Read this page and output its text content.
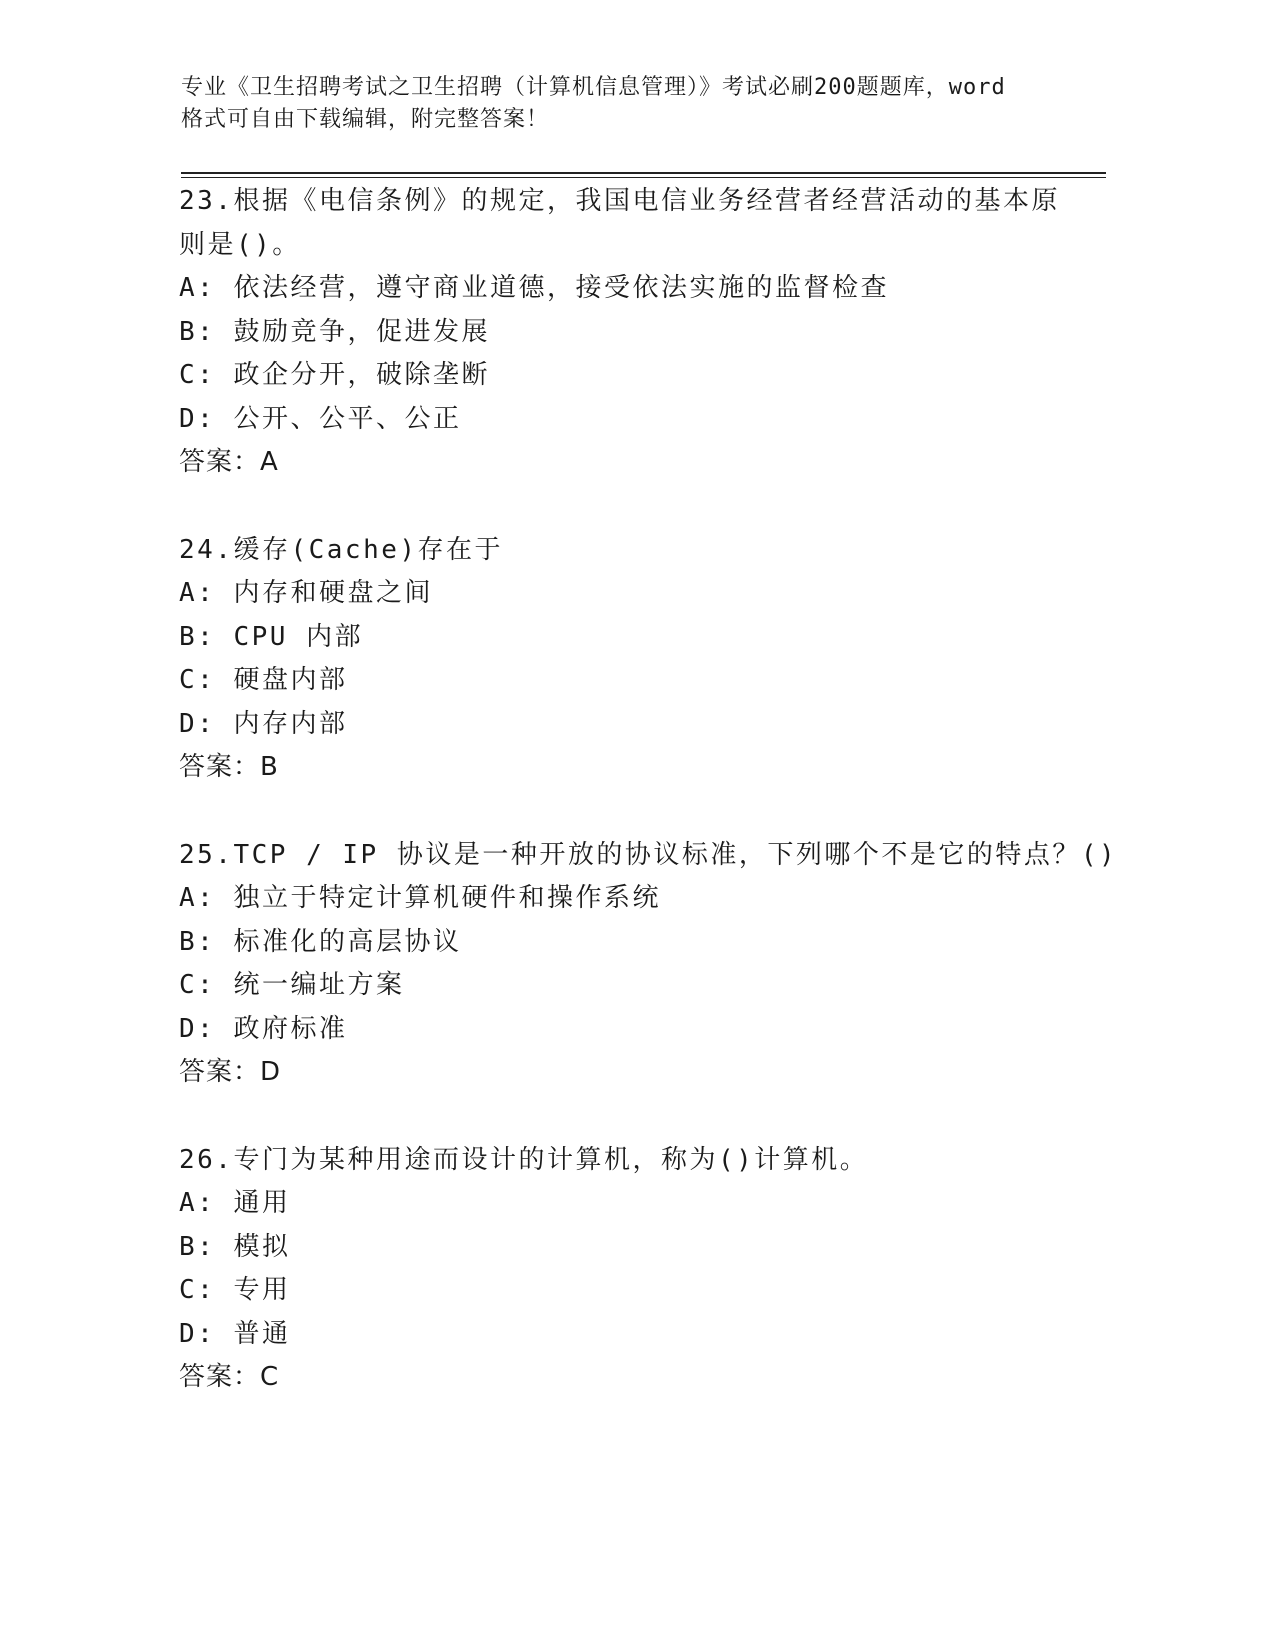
专业《卫生招聘考试之卫生招聘（计算机信息管理）》考试必刷200题题库，word
格式可自由下载编辑，附完整答案！
23.根据《电信条例》的规定，我国电信业务经营者经营活动的基本原
则是()。
A: 依法经营，遵守商业道德，接受依法实施的监督检查
B: 鼓励竞争，促进发展
C: 政企分开，破除垄断
D: 公开、公平、公正
答案：A
24.缓存(Cache)存在于
A: 内存和硬盘之间
B: CPU 内部
C: 硬盘内部
D: 内存内部
答案：B
25.TCP / IP 协议是一种开放的协议标准，下列哪个不是它的特点？()
A: 独立于特定计算机硬件和操作系统
B: 标准化的高层协议
C: 统一编址方案
D: 政府标准
答案：D
26.专门为某种用途而设计的计算机，称为()计算机。
A: 通用
B: 模拟
C: 专用
D: 普通
答案：C
